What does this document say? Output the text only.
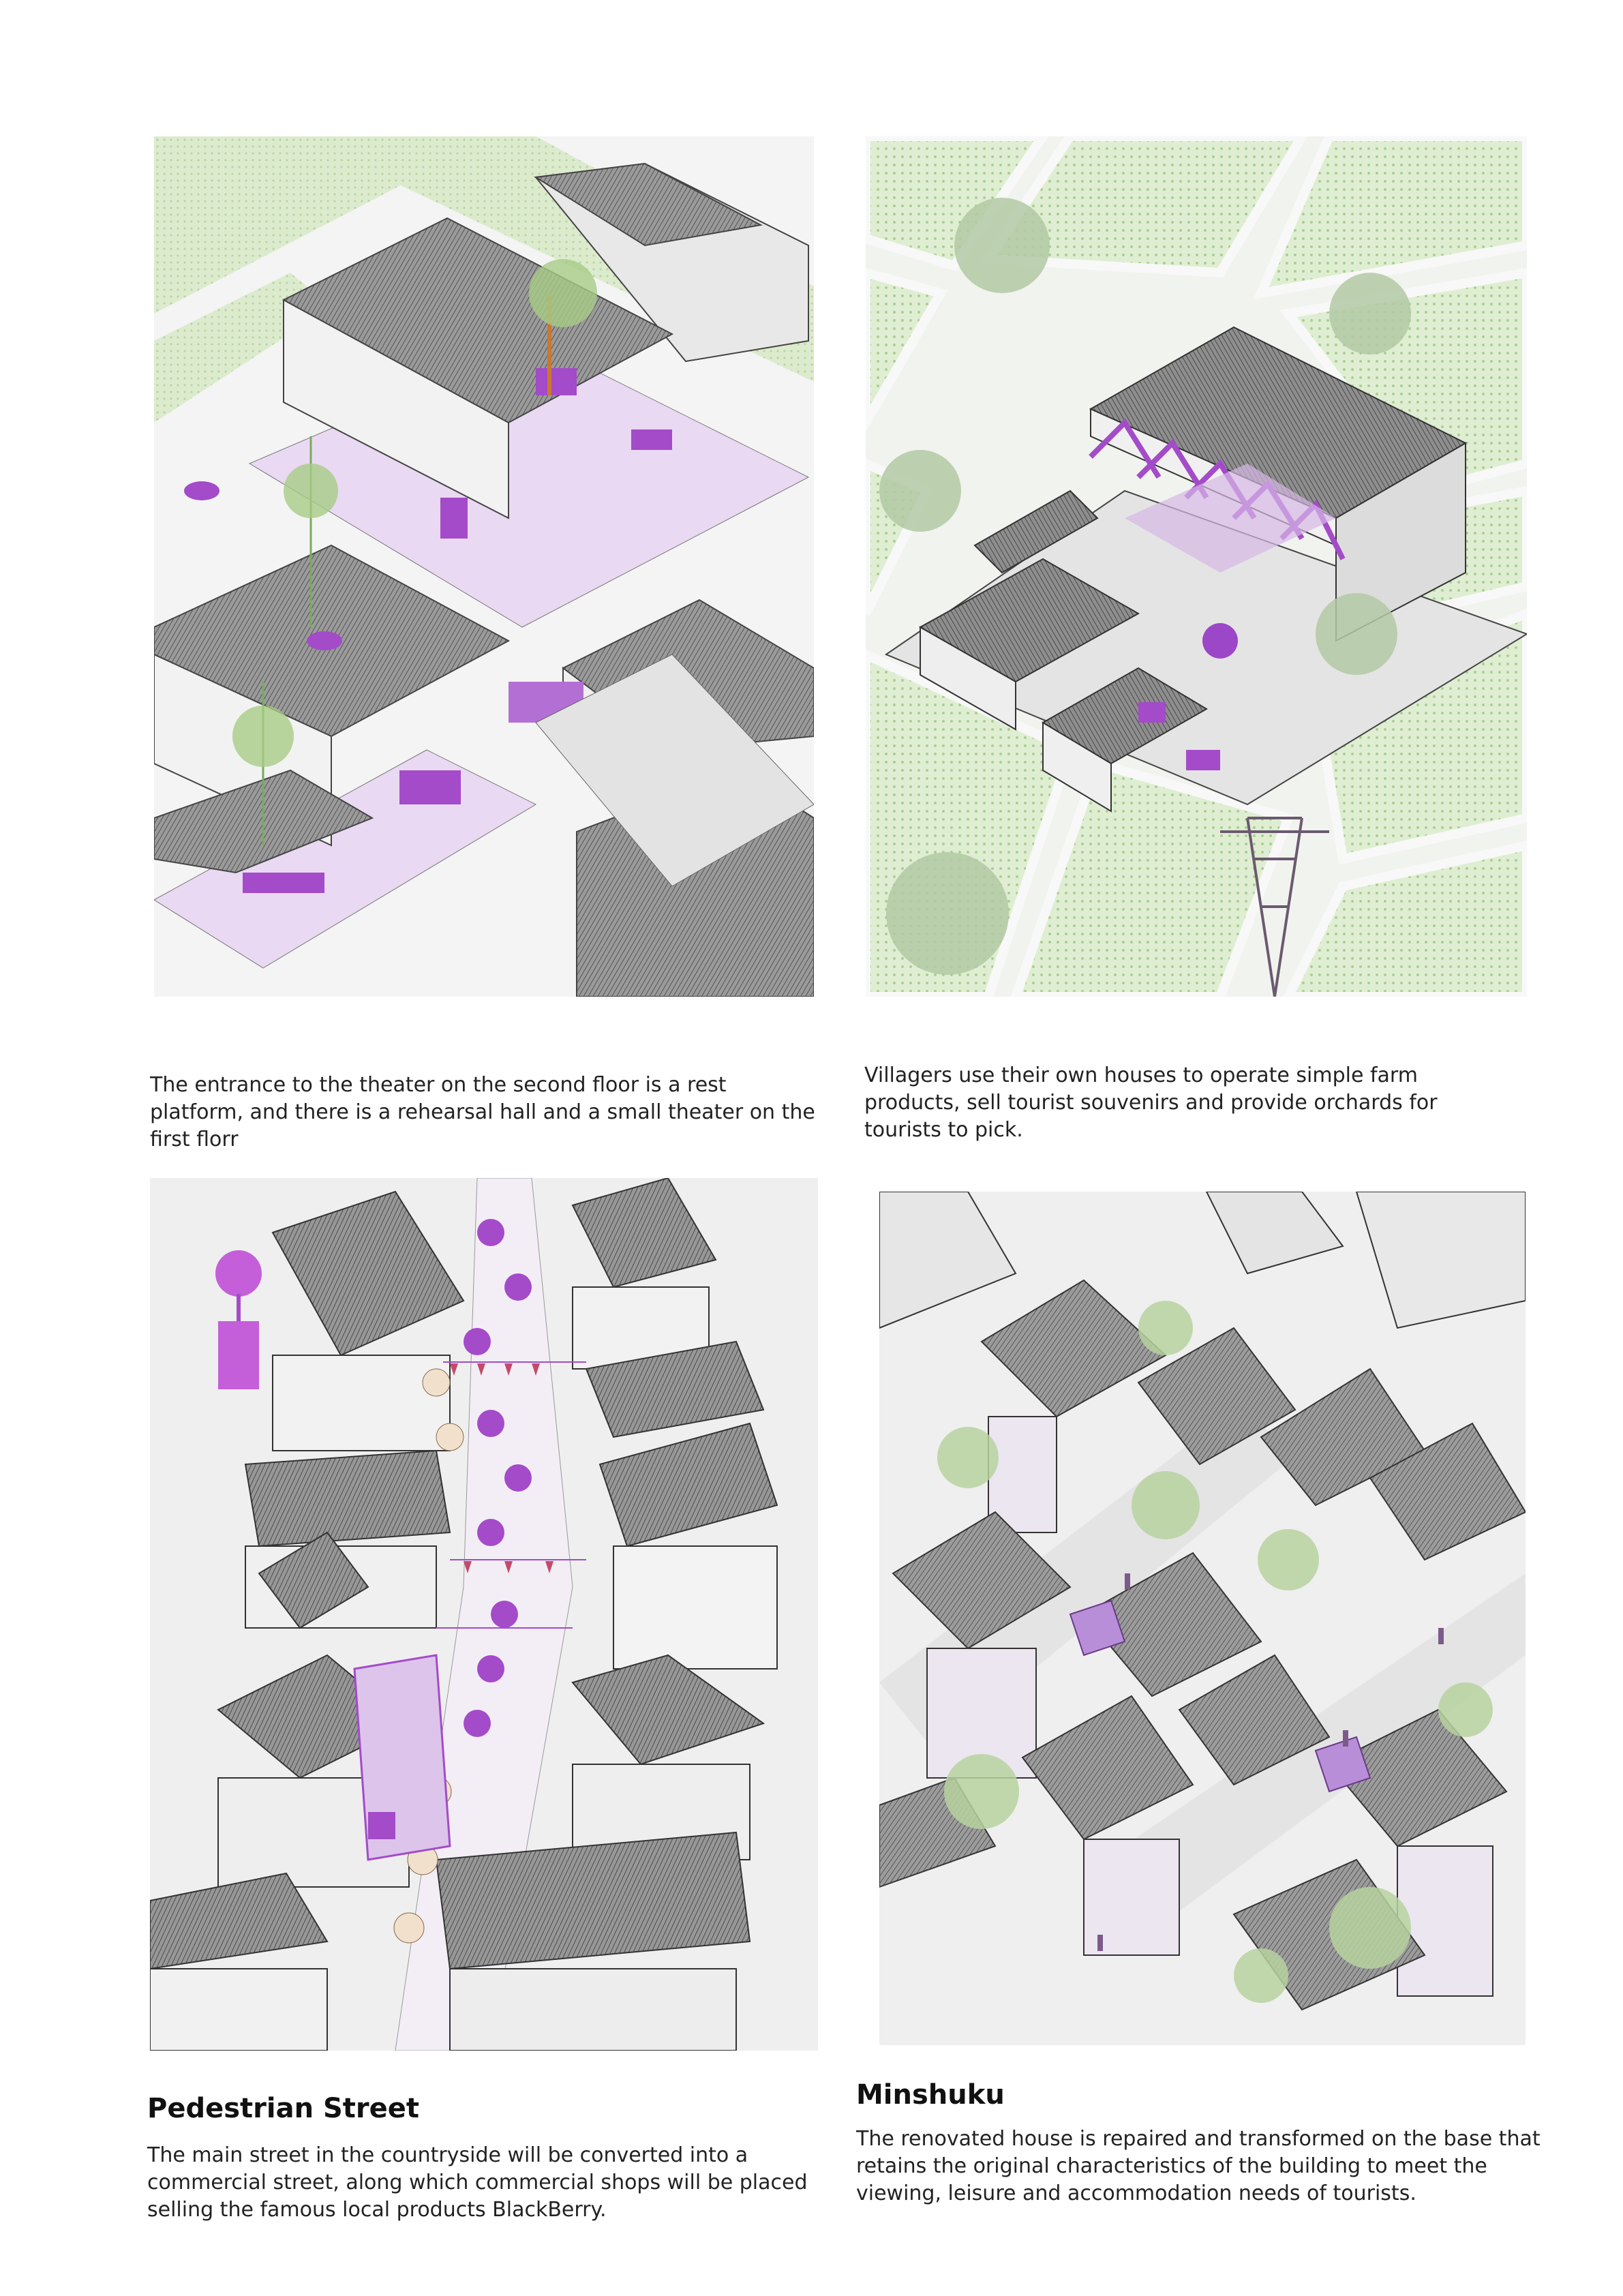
The entrance to the theater on the second floor is a rest platform, and there is a rehearsal hall and a small theater on the first florr
Villagers use their own houses to operate simple farm products, sell tourist souvenirs and provide orchards for tourists to pick.
Pedestrian Street
The main street in the countryside will be converted into a commercial street, along which commercial shops will be placed selling the famous local products BlackBerry.
Minshuku
The renovated house is repaired and transformed on the base that retains the original characteristics of the building to meet the viewing, leisure and accommodation needs of tourists.
